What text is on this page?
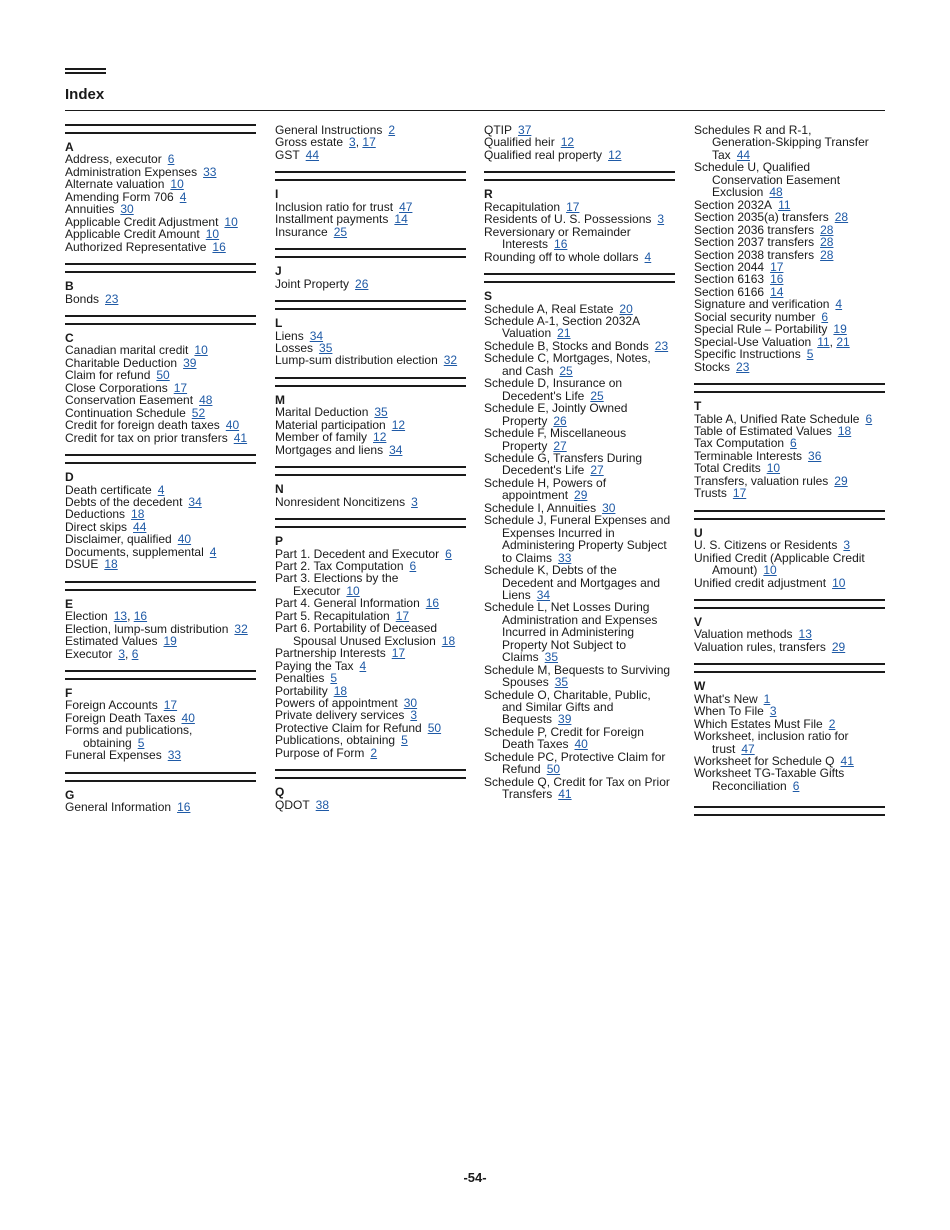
Index
A
Address, executor 6
Administration Expenses 33
Alternate valuation 10
Amending Form 706 4
Annuities 30
Applicable Credit Adjustment 10
Applicable Credit Amount 10
Authorized Representative 16
B
Bonds 23
C
Canadian marital credit 10
Charitable Deduction 39
Claim for refund 50
Close Corporations 17
Conservation Easement 48
Continuation Schedule 52
Credit for foreign death taxes 40
Credit for tax on prior transfers 41
D
Death certificate 4
Debts of the decedent 34
Deductions 18
Direct skips 44
Disclaimer, qualified 40
Documents, supplemental 4
DSUE 18
E
Election 13, 16
Election, lump-sum distribution 32
Estimated Values 19
Executor 3, 6
F
Foreign Accounts 17
Foreign Death Taxes 40
Forms and publications,
obtaining 5
Funeral Expenses 33
G
General Information 16
General Instructions 2
Gross estate 3, 17
GST 44
I
Inclusion ratio for trust 47
Installment payments 14
Insurance 25
J
Joint Property 26
L
Liens 34
Losses 35
Lump-sum distribution election 32
M
Marital Deduction 35
Material participation 12
Member of family 12
Mortgages and liens 34
N
Nonresident Noncitizens 3
P
Part 1. Decedent and Executor 6
Part 2. Tax Computation 6
Part 3. Elections by the
Executor 10
Part 4. General Information 16
Part 5. Recapitulation 17
Part 6. Portability of Deceased
Spousal Unused Exclusion 18
Partnership Interests 17
Paying the Tax 4
Penalties 5
Portability 18
Powers of appointment 30
Private delivery services 3
Protective Claim for Refund 50
Publications, obtaining 5
Purpose of Form 2
Q
QDOT 38
QTIP 37
Qualified heir 12
Qualified real property 12
R
Recapitulation 17
Residents of U. S. Possessions 3
Reversionary or Remainder
Interests 16
Rounding off to whole dollars 4
S
Schedule A, Real Estate 20
Schedule A-1, Section 2032A
Valuation 21
Schedule B, Stocks and Bonds 23
Schedule C, Mortgages, Notes,
and Cash 25
Schedule D, Insurance on
Decedent's Life 25
Schedule E, Jointly Owned
Property 26
Schedule F, Miscellaneous
Property 27
Schedule G, Transfers During
Decedent's Life 27
Schedule H, Powers of
appointment 29
Schedule I, Annuities 30
Schedule J, Funeral Expenses and
Expenses Incurred in
Administering Property Subject
to Claims 33
Schedule K, Debts of the
Decedent and Mortgages and
Liens 34
Schedule L, Net Losses During
Administration and Expenses
Incurred in Administering
Property Not Subject to
Claims 35
Schedule M, Bequests to Surviving
Spouses 35
Schedule O, Charitable, Public,
and Similar Gifts and
Bequests 39
Schedule P, Credit for Foreign
Death Taxes 40
Schedule PC, Protective Claim for
Refund 50
Schedule Q, Credit for Tax on Prior
Transfers 41
Schedules R and R-1,
Generation-Skipping Transfer
Tax 44
Schedule U, Qualified
Conservation Easement
Exclusion 48
Section 2032A 11
Section 2035(a) transfers 28
Section 2036 transfers 28
Section 2037 transfers 28
Section 2038 transfers 28
Section 2044 17
Section 6163 16
Section 6166 14
Signature and verification 4
Social security number 6
Special Rule – Portability 19
Special-Use Valuation 11, 21
Specific Instructions 5
Stocks 23
T
Table A, Unified Rate Schedule 6
Table of Estimated Values 18
Tax Computation 6
Terminable Interests 36
Total Credits 10
Transfers, valuation rules 29
Trusts 17
U
U. S. Citizens or Residents 3
Unified Credit (Applicable Credit
Amount) 10
Unified credit adjustment 10
V
Valuation methods 13
Valuation rules, transfers 29
W
What's New 1
When To File 3
Which Estates Must File 2
Worksheet, inclusion ratio for
trust 47
Worksheet for Schedule Q 41
Worksheet TG-Taxable Gifts
Reconciliation 6
-54-
